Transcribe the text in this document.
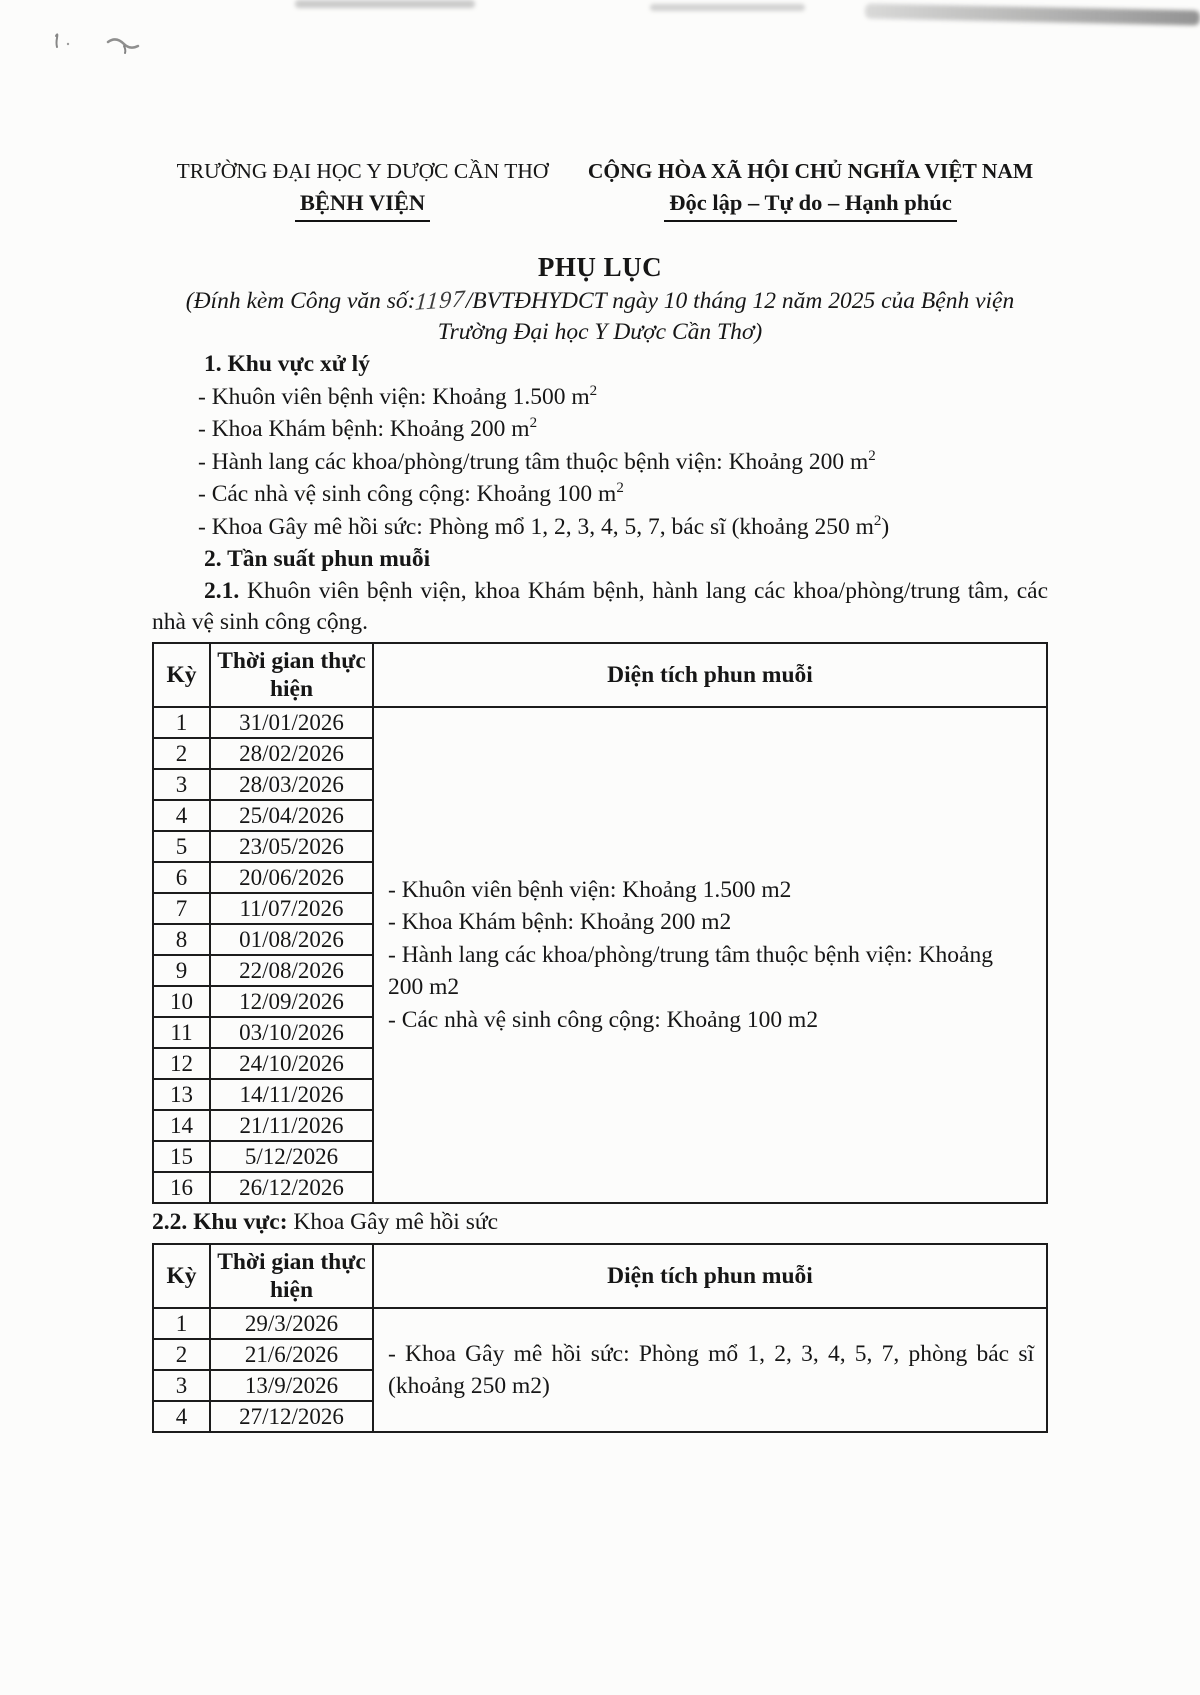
TRƯỜNG ĐẠI HỌC Y DƯỢC CẦN THƠ
BỆNH VIỆN
CỘNG HÒA XÃ HỘI CHỦ NGHĨA VIỆT NAM
Độc lập – Tự do – Hạnh phúc
PHỤ LỤC
(Đính kèm Công văn số:1197/BVTĐHYDCT ngày 10 tháng 12 năm 2025 của Bệnh viện
Trường Đại học Y Dược Cần Thơ)
1. Khu vực xử lý
- Khuôn viên bệnh viện: Khoảng 1.500 $m^2$
- Khoa Khám bệnh: Khoảng 200 $m^2$
- Hành lang các khoa/phòng/trung tâm thuộc bệnh viện: Khoảng 200 $m^2$
- Các nhà vệ sinh công cộng: Khoảng 100 $m^2$
- Khoa Gây mê hồi sức: Phòng mổ 1, 2, 3, 4, 5, 7, bác sĩ (khoảng 250 $m^2$)
2. Tần suất phun muỗi

2.1. Khuôn viên bệnh viện, khoa Khám bệnh, hành lang các khoa/phòng/trung tâm, các nhà vệ sinh công cộng.

Kỳ	Thời gian thực hiện	Diện tích phun muỗi
1	31/01/2026	- Khuôn viên bệnh viện: Khoảng 1.500 m2

- Khoa Khám bệnh: Khoảng 200 m2

- Hành lang các khoa/phòng/trung tâm thuộc bệnh viện: Khoảng 200 m2

- Các nhà vệ sinh công cộng: Khoảng 100 m2

2	28/02/2026	
3	28/03/2026	
4	25/04/2026	
5	23/05/2026	
6	20/06/2026	
7	11/07/2026	
8	01/08/2026	
9	22/08/2026	
10	12/09/2026	
11	03/10/2026	
12	24/10/2026	
13	14/11/2026	
14	21/11/2026	
15	5/12/2026	
16	26/12/2026	

2.2. Khu vực: Khoa Gây mê hồi sức

Kỳ	Thời gian thực hiện	Diện tích phun muỗi
1	29/3/2026	- Khoa Gây mê hồi sức: Phòng mổ 1, 2, 3, 4, 5, 7, phòng bác sĩ (khoảng 250 m2)

2	21/6/2026	
3	13/9/2026	
4	27/12/2026	
